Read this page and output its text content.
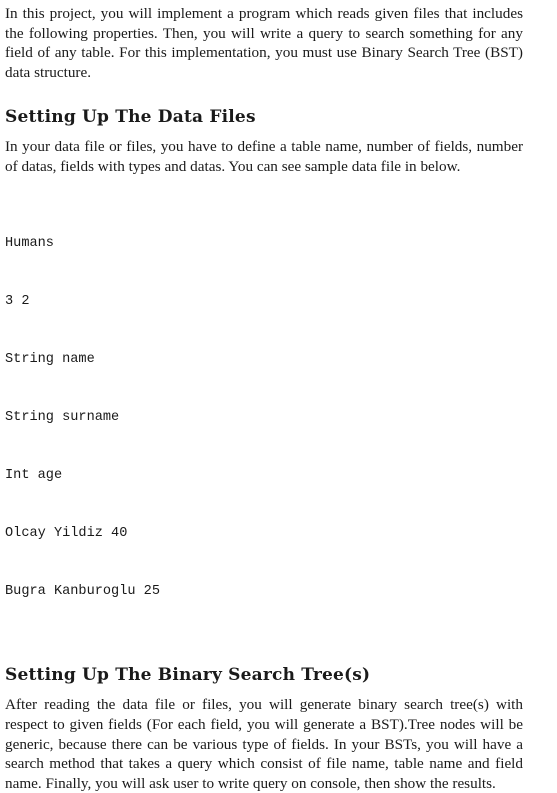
In this project, you will implement a program which reads given files that includes the following properties. Then, you will write a query to search something for any field of any table. For this implementation, you must use Binary Search Tree (BST) data structure.

Setting Up The Data Files

In your data file or files, you have to define a table name, number of fields, number of datas, fields with types and datas. You can see sample data file in below.

Humans

3 2

String name

String surname

Int age

Olcay Yildiz 40

Bugra Kanburoglu 25

Setting Up The Binary Search Tree(s)

After reading the data file or files, you will generate binary search tree(s) with respect to given fields (For each field, you will generate a BST).Tree nodes will be generic, because there can be various type of fields. In your BSTs, you will have a search method that takes a query which consist of file name, table name and field name. Finally, you will ask user to write query on console, then show the results.
